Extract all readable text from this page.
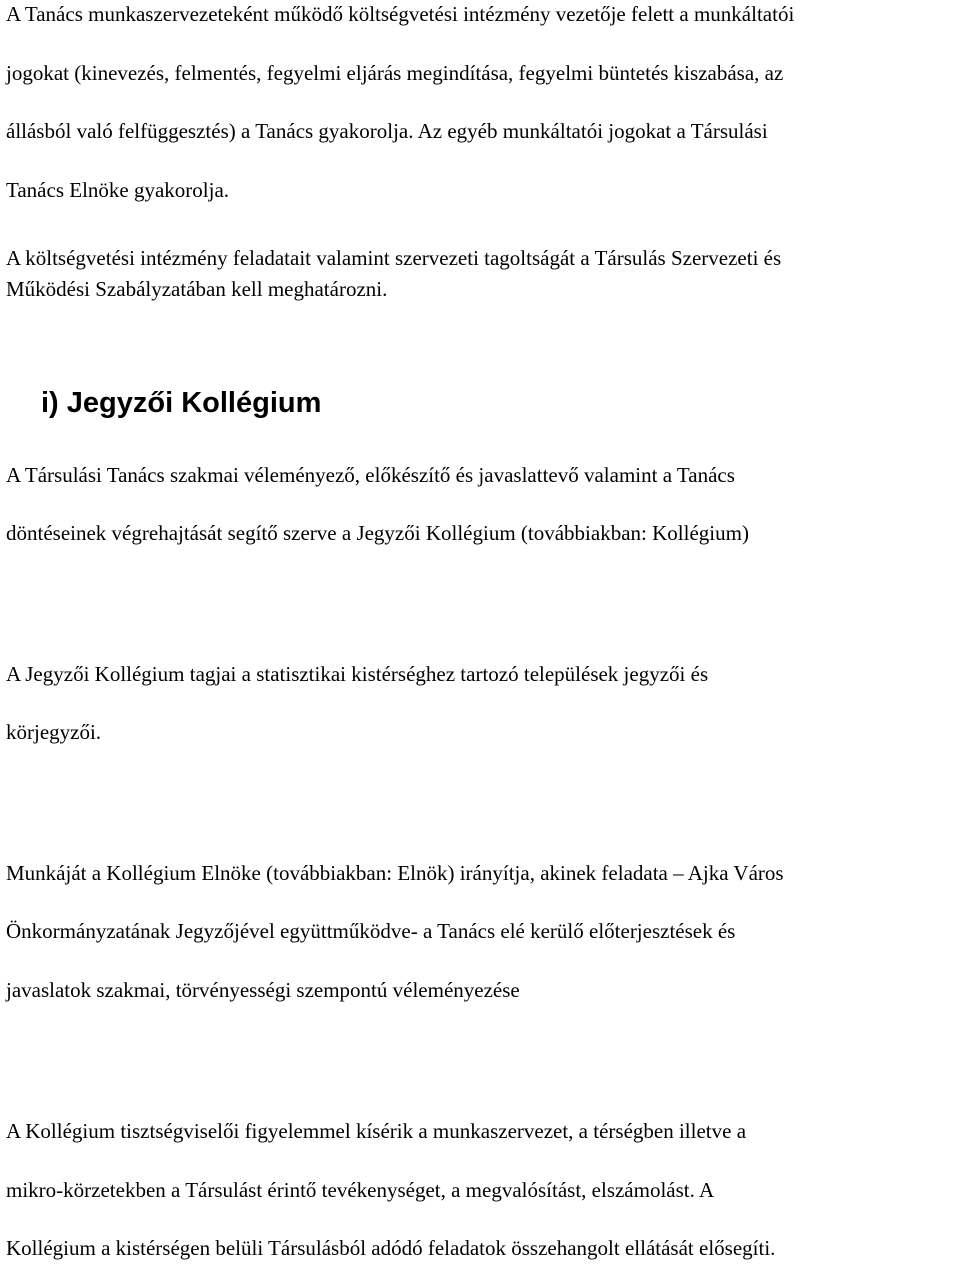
A Tanács munkaszervezeteként működő költségvetési intézmény vezetője felett a munkáltatói
jogokat (kinevezés, felmentés, fegyelmi eljárás megindítása, fegyelmi büntetés kiszabása, az
állásból való felfüggesztés) a Tanács gyakorolja. Az egyéb munkáltatói jogokat a Társulási
Tanács Elnöke gyakorolja.
A költségvetési intézmény feladatait valamint szervezeti tagoltságát a Társulás Szervezeti és
Működési Szabályzatában kell meghatározni.
i) Jegyzői Kollégium
A Társulási Tanács szakmai véleményező, előkészítő és javaslattevő valamint a Tanács
döntéseinek végrehajtását segítő szerve a Jegyzői Kollégium (továbbiakban: Kollégium)
A Jegyzői Kollégium tagjai a statisztikai kistérséghez tartozó települések jegyzői és
körjegyzői.
Munkáját a Kollégium Elnöke (továbbiakban: Elnök) irányítja, akinek feladata – Ajka Város
Önkormányzatának Jegyzőjével együttműködve- a Tanács elé kerülő előterjesztések és
javaslatok szakmai, törvényességi szempontú véleményezése
A Kollégium tisztségviselői figyelemmel kísérik a munkaszervezet, a térségben illetve a
mikro-körzetekben a Társulást érintő tevékenységet, a megvalósítást, elszámolást. A
Kollégium a kistérségen belüli Társulásból adódó feladatok összehangolt ellátását elősegíti.
